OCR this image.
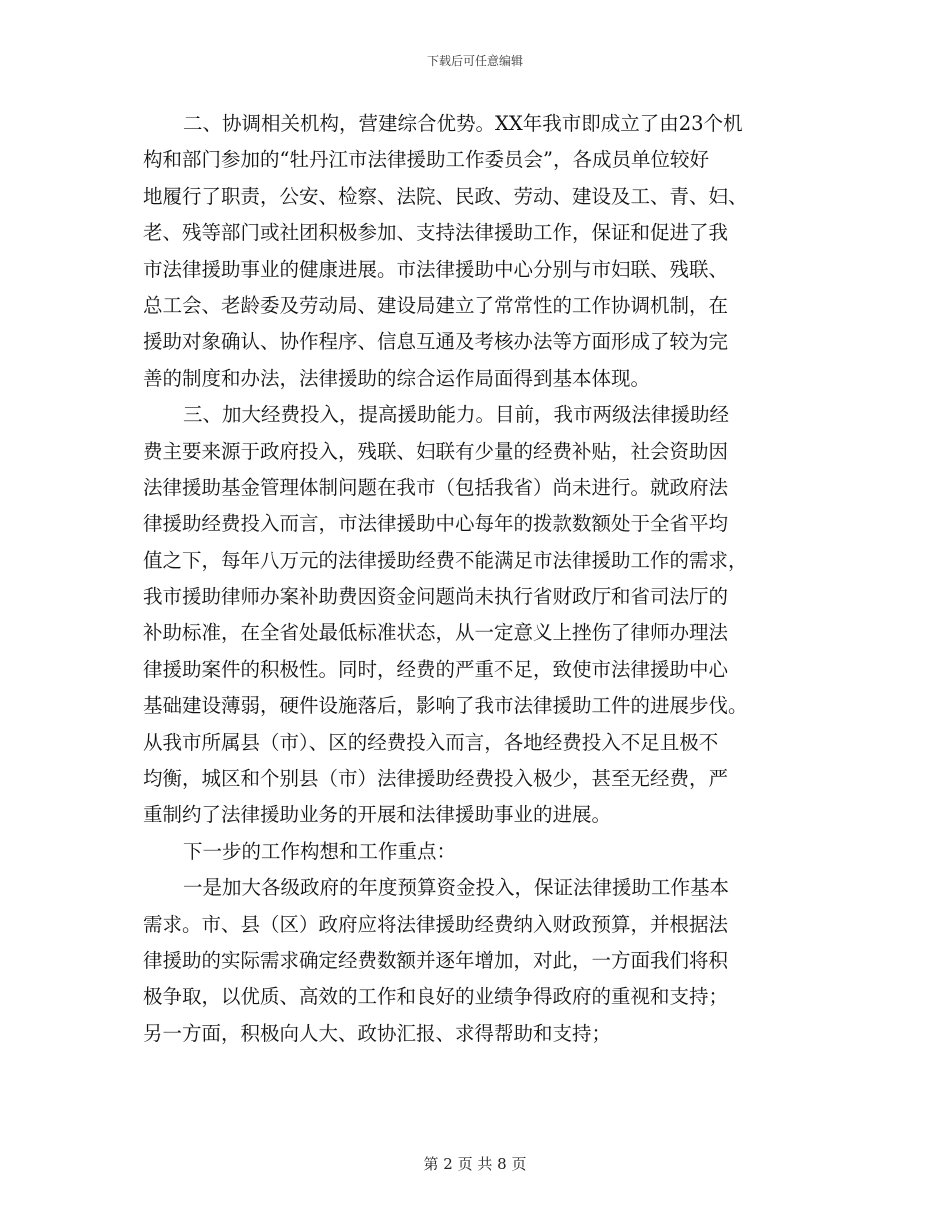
下载后可任意编辑
二、协调相关机构，营建综合优势。XX年我市即成立了由23个机
构和部门参加的“牡丹江市法律援助工作委员会”，各成员单位较好
地履行了职责，公安、检察、法院、民政、劳动、建设及工、青、妇、
老、残等部门或社团积极参加、支持法律援助工作，保证和促进了我
市法律援助事业的健康进展。市法律援助中心分别与市妇联、残联、
总工会、老龄委及劳动局、建设局建立了常常性的工作协调机制，在
援助对象确认、协作程序、信息互通及考核办法等方面形成了较为完
善的制度和办法，法律援助的综合运作局面得到基本体现。
三、加大经费投入，提高援助能力。目前，我市两级法律援助经
费主要来源于政府投入，残联、妇联有少量的经费补贴，社会资助因
法律援助基金管理体制问题在我市（包括我省）尚未进行。就政府法
律援助经费投入而言，市法律援助中心每年的拨款数额处于全省平均
值之下，每年八万元的法律援助经费不能满足市法律援助工作的需求，
我市援助律师办案补助费因资金问题尚未执行省财政厅和省司法厅的
补助标准，在全省处最低标准状态，从一定意义上挫伤了律师办理法
律援助案件的积极性。同时，经费的严重不足，致使市法律援助中心
基础建设薄弱，硬件设施落后，影响了我市法律援助工件的进展步伐。
从我市所属县（市）、区的经费投入而言，各地经费投入不足且极不
均衡，城区和个别县（市）法律援助经费投入极少，甚至无经费，严
重制约了法律援助业务的开展和法律援助事业的进展。
下一步的工作构想和工作重点：
一是加大各级政府的年度预算资金投入，保证法律援助工作基本
需求。市、县（区）政府应将法律援助经费纳入财政预算，并根据法
律援助的实际需求确定经费数额并逐年增加，对此，一方面我们将积
极争取，以优质、高效的工作和良好的业绩争得政府的重视和支持；
另一方面，积极向人大、政协汇报、求得帮助和支持；
第 2 页 共 8 页
